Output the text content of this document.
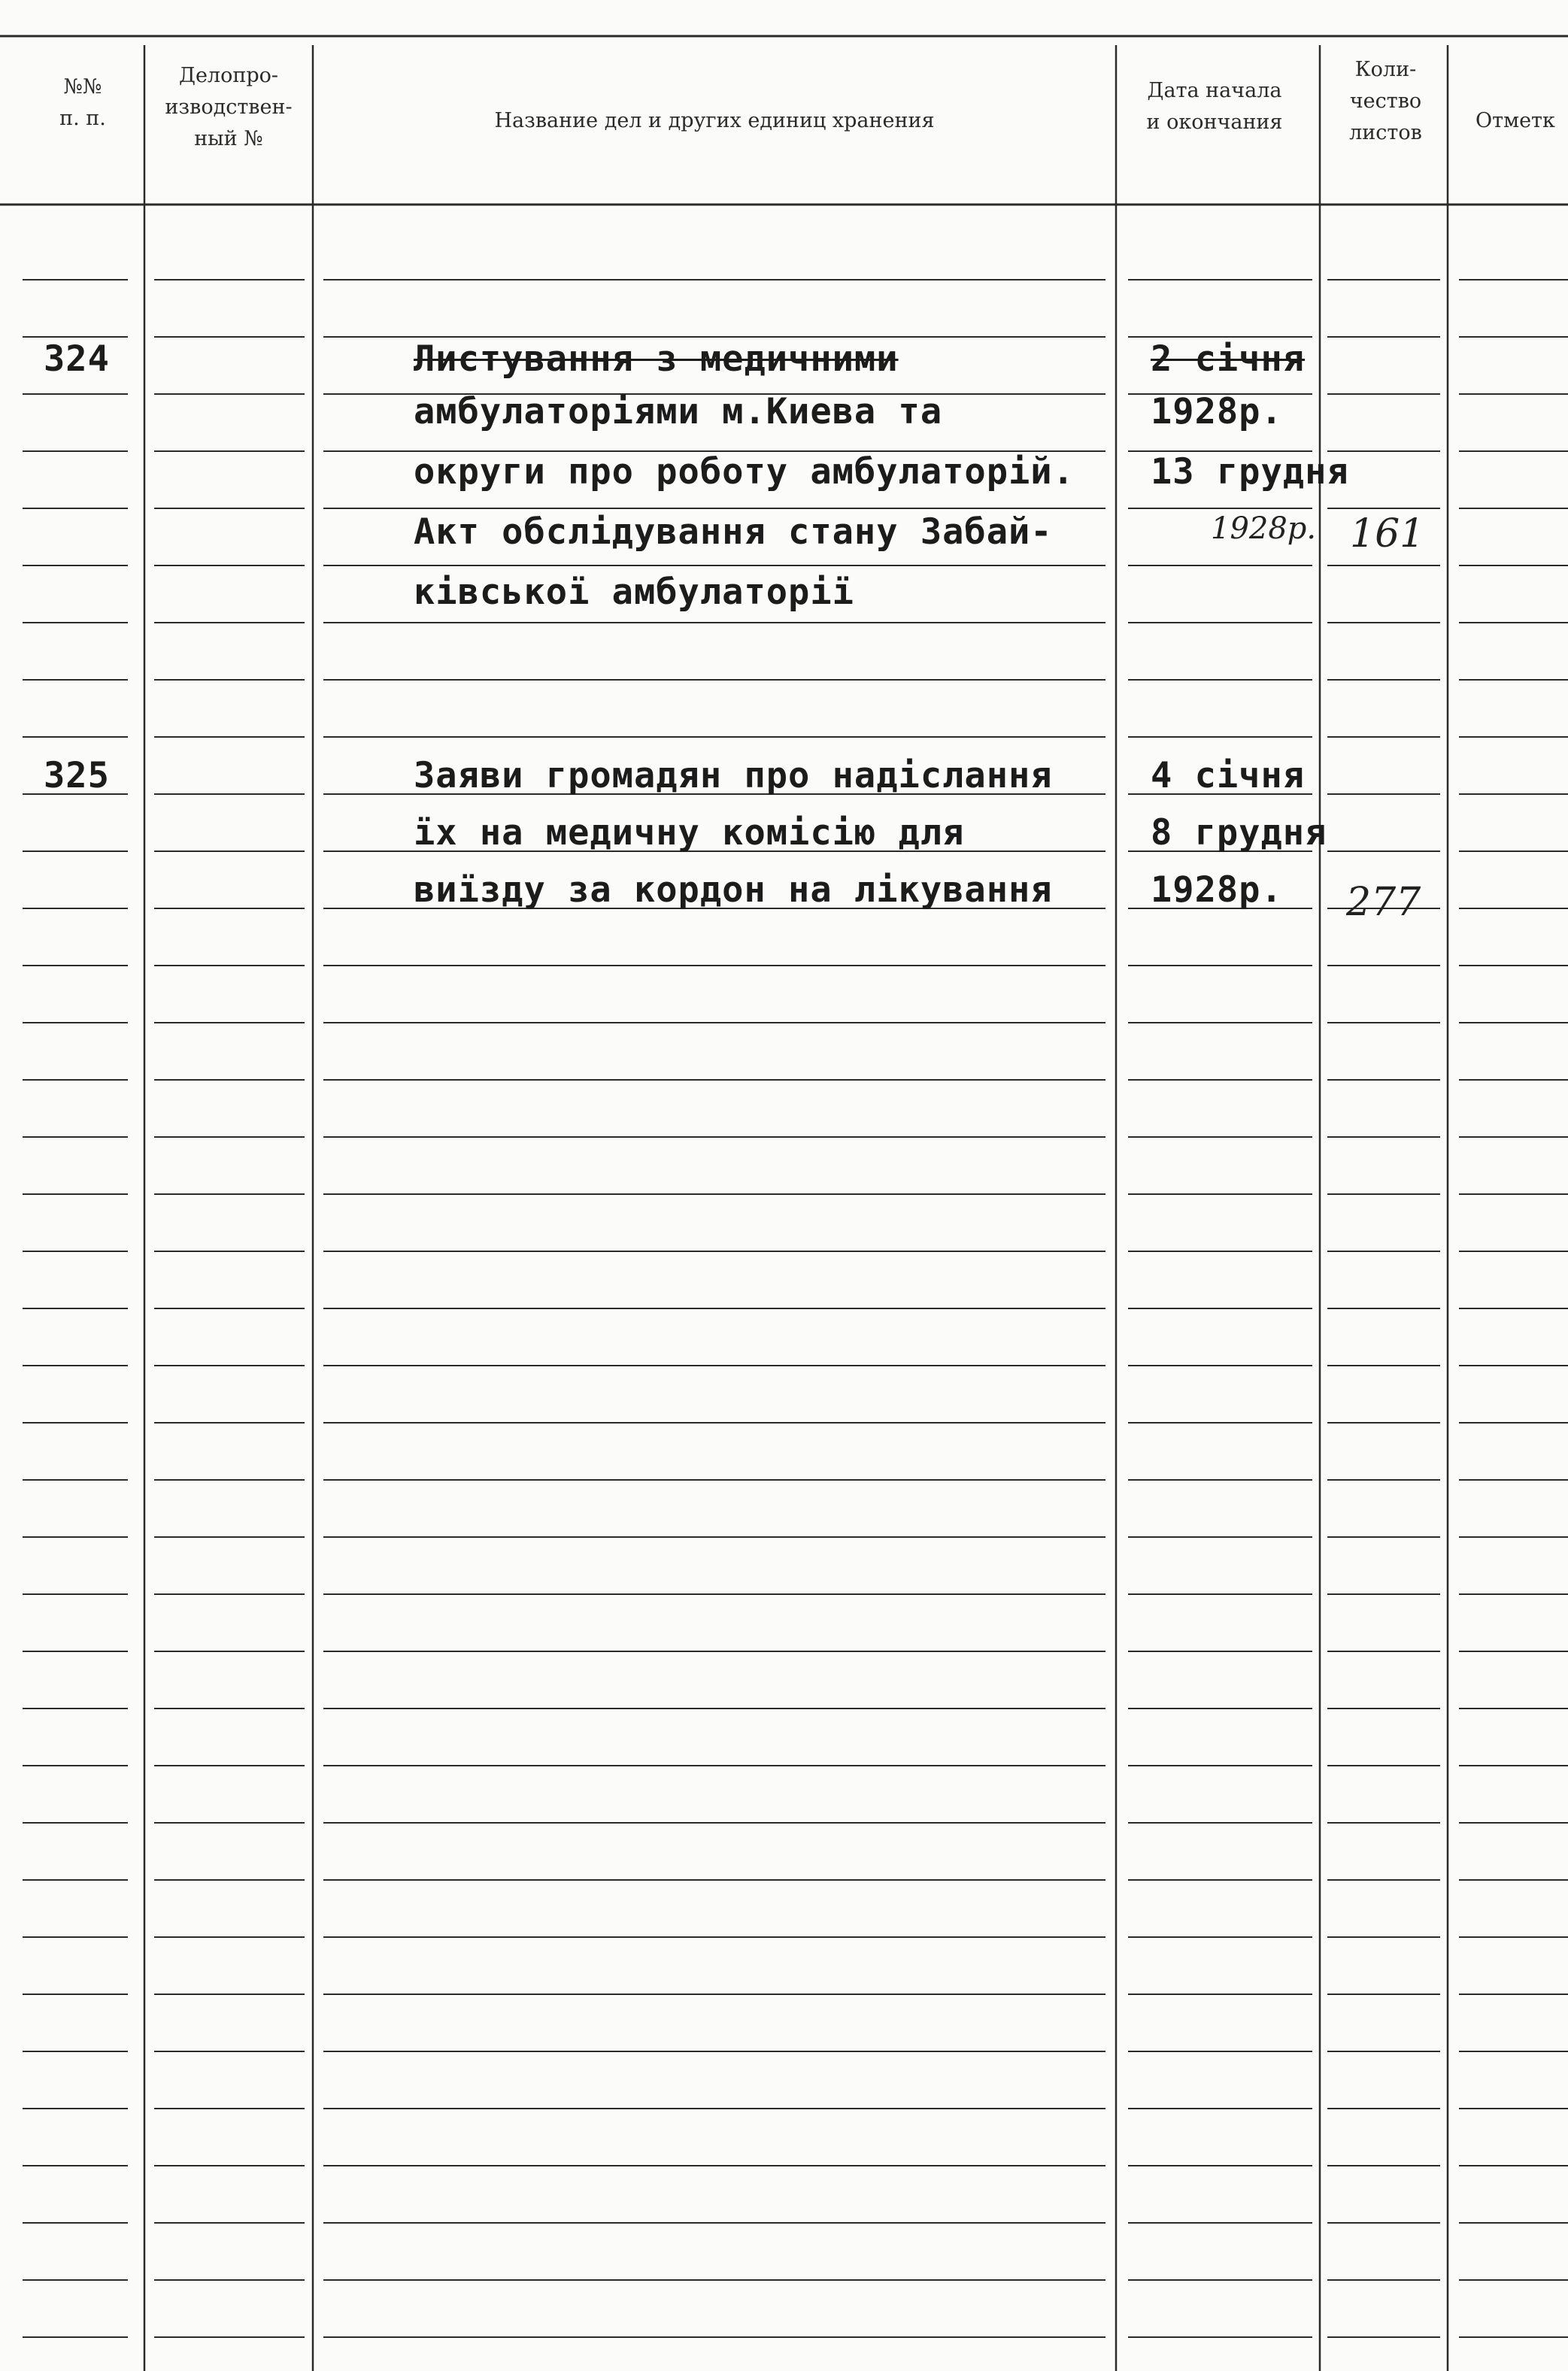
№№
п. п.
Делопро-
изводствен-
ный №
Название дел и других единиц хранения
Дата начала
и окончания
Коли-
чество
листов
Отметк
324	Листування з медичними
амбулаторіями м.Киева та
округи про роботу амбулаторій.
Акт обслідування стану Забай-
ківської амбулаторії
2 січня
1928р.
13 грудня
1928р. 161
325	Заяви громадян про надіслання
їх на медичну комісію для
виїзду за кордон на лікування
4 січня
8 грудня
1928р. 277
